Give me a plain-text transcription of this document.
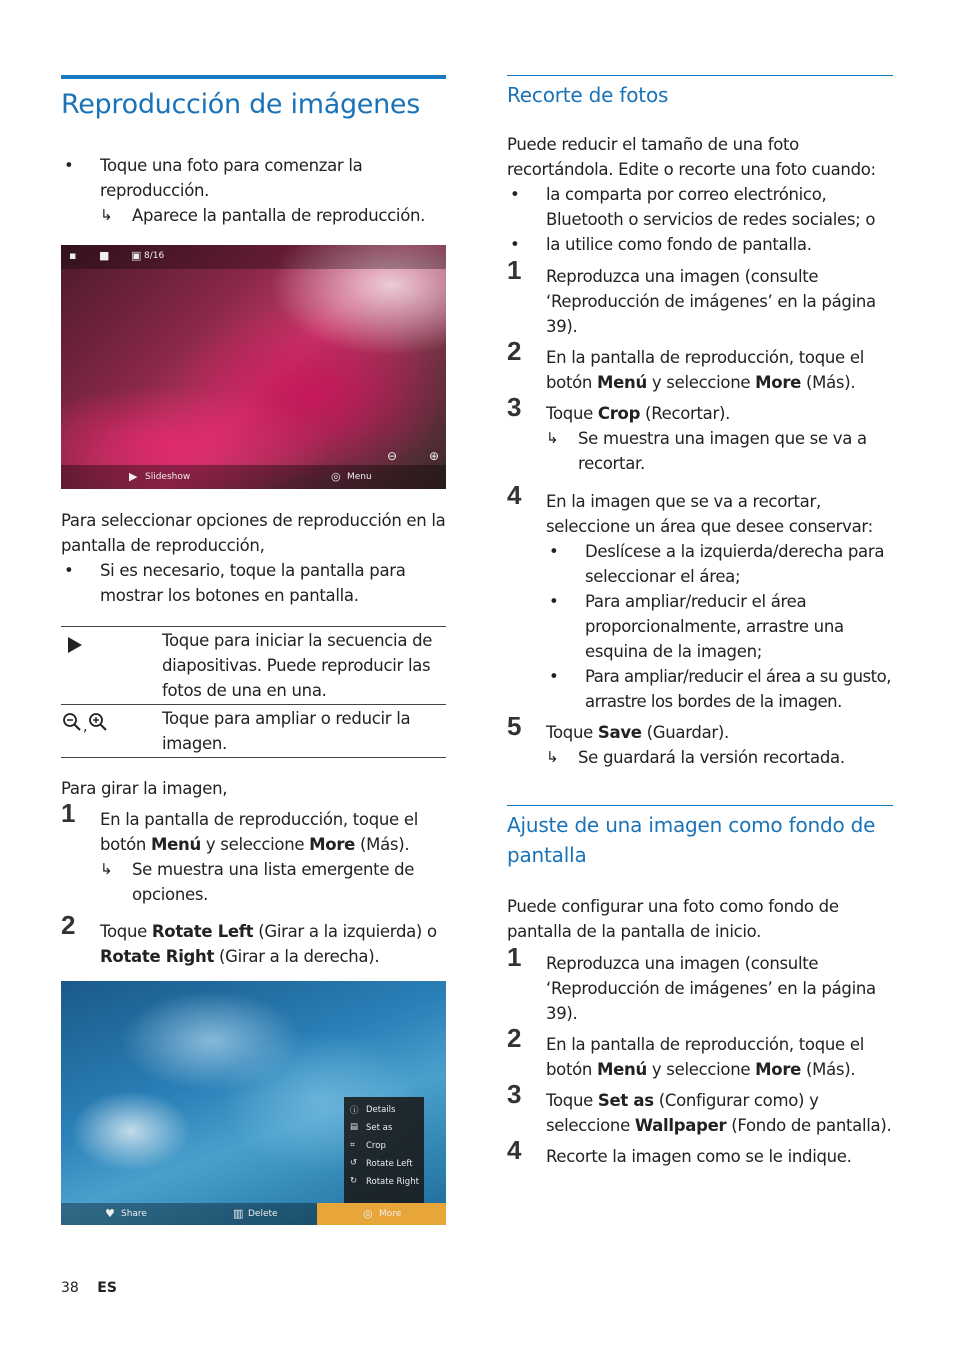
Reproducción de imágenes
• Toque una foto para comenzar la reproducción.
↳ Aparece la pantalla de reproducción.
▪ ■ ▣ 8/16
⊖	⊕
▶ Slideshow	◎ Menu
Para seleccionar opciones de reproducción en la pantalla de reproducción,
• Si es necesario, toque la pantalla para mostrar los botones en pantalla.
	Toque para iniciar la secuencia de diapositivas. Puede reproducir las fotos de una en una.
,	Toque para ampliar o reducir la imagen.
Para girar la imagen,
1 En la pantalla de reproducción, toque el botón Menú y seleccione More (Más).
↳ Se muestra una lista emergente de opciones.
2 Toque Rotate Left (Girar a la izquierda) o Rotate Right (Girar a la derecha).
ⓘ Details
▤ Set as
⌗ Crop
↺ Rotate Left
↻ Rotate Right
♥ Share	▥ Delete	◎ More
Recorte de fotos
Puede reducir el tamaño de una foto recortándola. Edite o recorte una foto cuando:
• la comparta por correo electrónico, Bluetooth o servicios de redes sociales; o
• la utilice como fondo de pantalla.
1 Reproduzca una imagen (consulte ‘Reproducción de imágenes’ en la página 39).
2 En la pantalla de reproducción, toque el botón Menú y seleccione More (Más).
3 Toque Crop (Recortar).
↳ Se muestra una imagen que se va a recortar.
4 En la imagen que se va a recortar, seleccione un área que desee conservar:
• Deslícese a la izquierda/derecha para seleccionar el área;
• Para ampliar/reducir el área proporcionalmente, arrastre una esquina de la imagen;
• Para ampliar/reducir el área a su gusto, arrastre los bordes de la imagen.
5 Toque Save (Guardar).
↳ Se guardará la versión recortada.
Ajuste de una imagen como fondo de pantalla
Puede configurar una foto como fondo de pantalla de la pantalla de inicio.
1 Reproduzca una imagen (consulte ‘Reproducción de imágenes’ en la página 39).
2 En la pantalla de reproducción, toque el botón Menú y seleccione More (Más).
3 Toque Set as (Configurar como) y seleccione Wallpaper (Fondo de pantalla).
4 Recorte la imagen como se le indique.
38 ES
